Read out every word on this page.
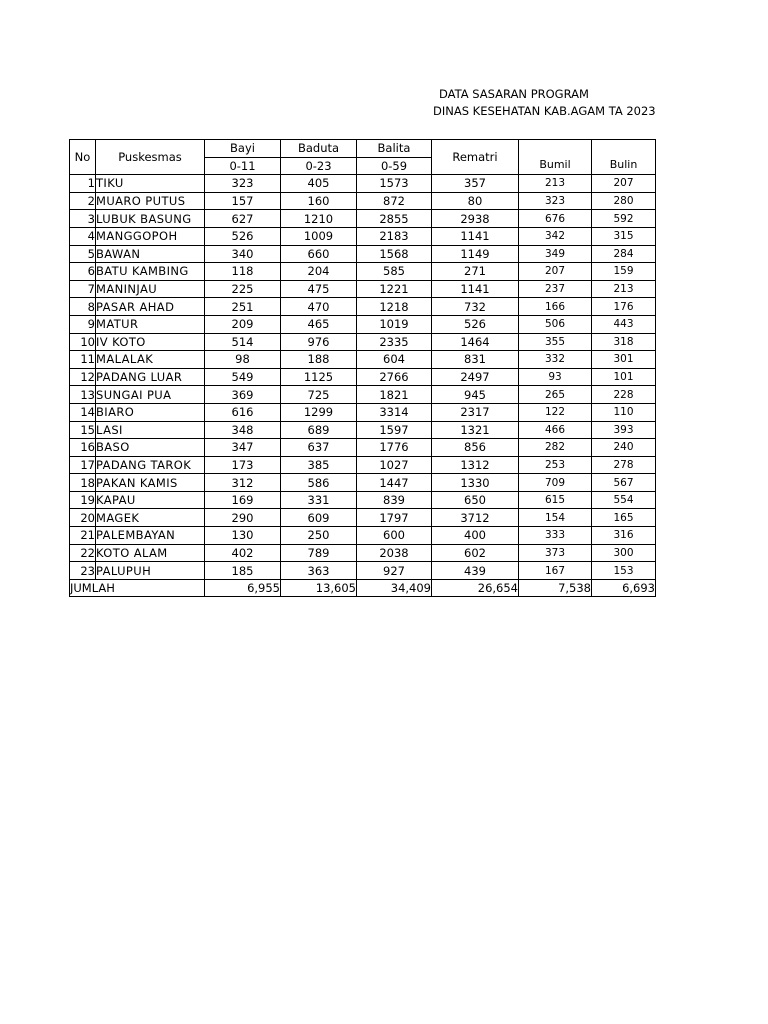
DATA SASARAN PROGRAM
DINAS KESEHATAN KAB.AGAM TA 2023
No	Puskesmas	Bayi	Baduta	Balita	Rematri	Bumil	Bulin
		0-11	0-23	0-59			
1	TIKU	323	405	1573	357	213	207
2	MUARO PUTUS	157	160	872	80	323	280
3	LUBUK BASUNG	627	1210	2855	2938	676	592
4	MANGGOPOH	526	1009	2183	1141	342	315
5	BAWAN	340	660	1568	1149	349	284
6	BATU KAMBING	118	204	585	271	207	159
7	MANINJAU	225	475	1221	1141	237	213
8	PASAR AHAD	251	470	1218	732	166	176
9	MATUR	209	465	1019	526	506	443
10	IV KOTO	514	976	2335	1464	355	318
11	MALALAK	98	188	604	831	332	301
12	PADANG LUAR	549	1125	2766	2497	93	101
13	SUNGAI PUA	369	725	1821	945	265	228
14	BIARO	616	1299	3314	2317	122	110
15	LASI	348	689	1597	1321	466	393
16	BASO	347	637	1776	856	282	240
17	PADANG TAROK	173	385	1027	1312	253	278
18	PAKAN KAMIS	312	586	1447	1330	709	567
19	KAPAU	169	331	839	650	615	554
20	MAGEK	290	609	1797	3712	154	165
21	PALEMBAYAN	130	250	600	400	333	316
22	KOTO ALAM	402	789	2038	602	373	300
23	PALUPUH	185	363	927	439	167	153
JUMLAH		6,955	13,605	34,409	26,654	7,538	6,693
